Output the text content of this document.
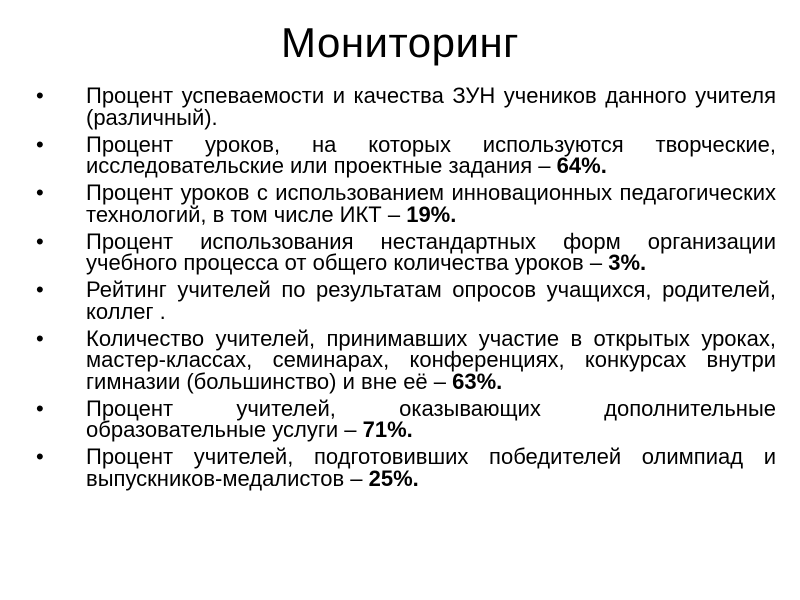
Мониторинг
•	Процент успеваемости и качества ЗУН учеников данного учителя (различный).
•	Процент уроков, на которых используются творческие, исследовательские или проектные задания – 64%.
•	Процент уроков с использованием инновационных педагогических технологий, в том числе ИКТ – 19%.
•	Процент использования нестандартных форм организации учебного процесса от общего количества уроков – 3%.
•	Рейтинг учителей по результатам опросов учащихся, родителей, коллег .
•	Количество учителей, принимавших участие в открытых уроках, мастер-классах, семинарах, конференциях, конкурсах внутри гимназии (большинство) и вне её – 63%.
•	Процент учителей, оказывающих дополнительные образовательные услуги – 71%.
•	Процент учителей, подготовивших победителей олимпиад и выпускников-медалистов – 25%.
